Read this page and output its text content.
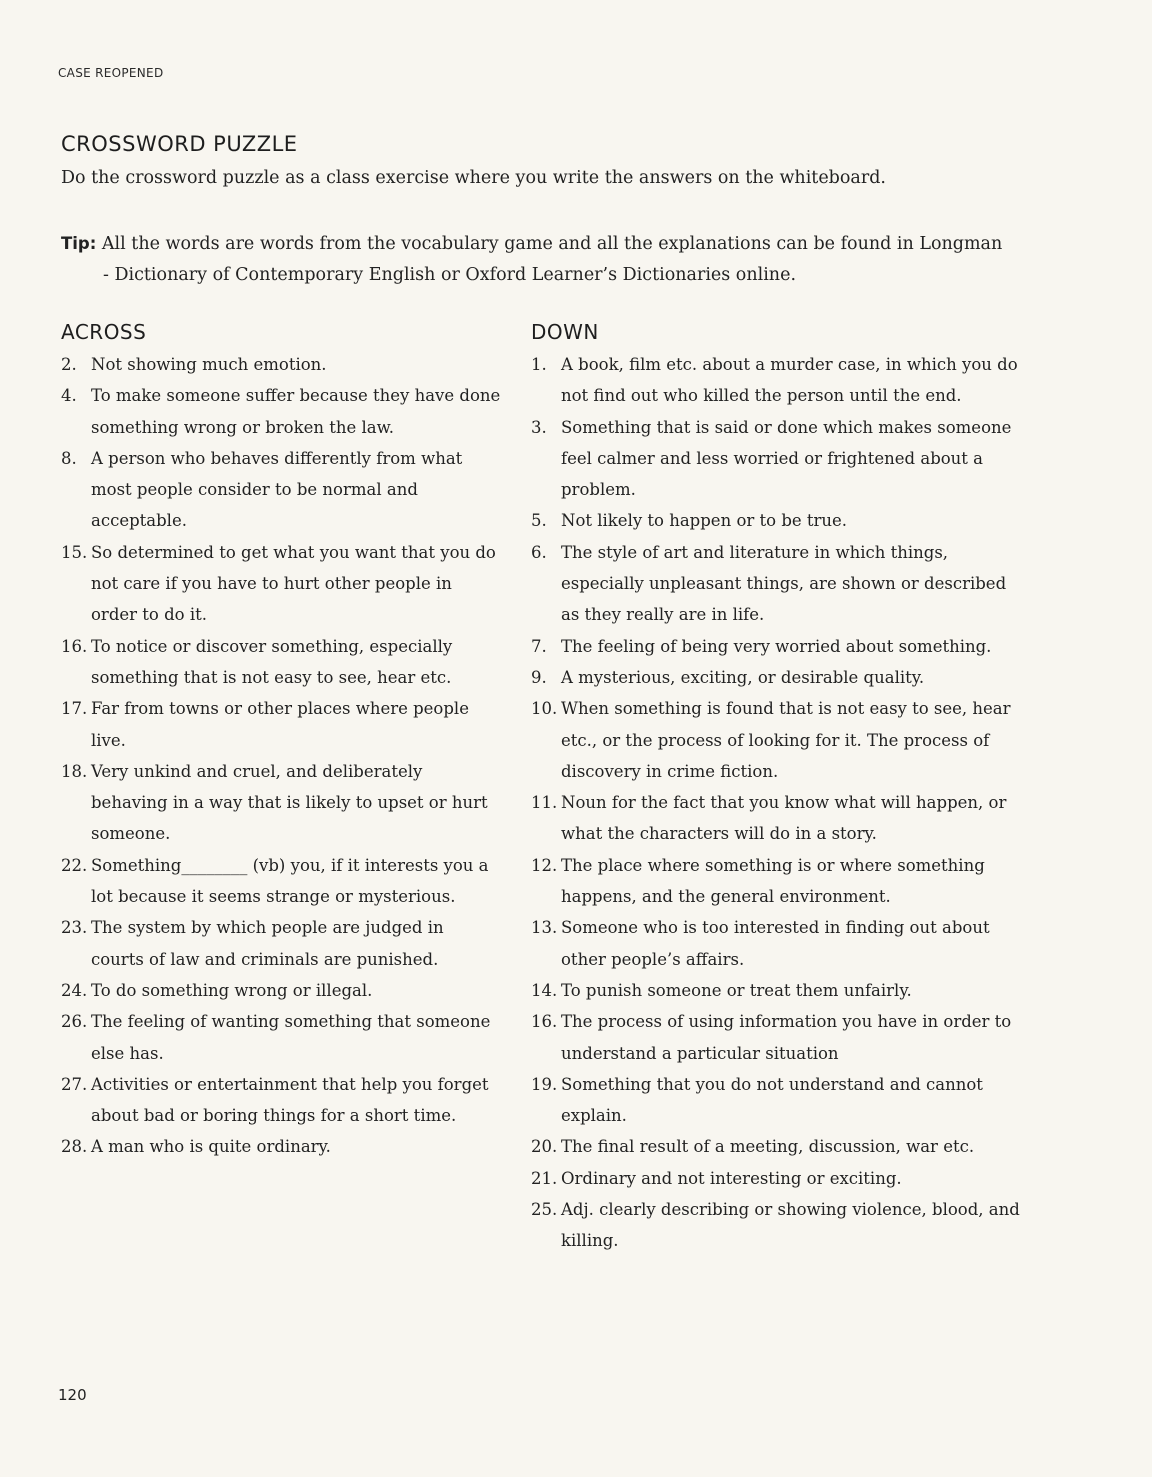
CASE REOPENED
CROSSWORD PUZZLE
Do the crossword puzzle as a class exercise where you write the answers on the whiteboard.
Tip: All the words are words from the vocabulary game and all the explanations can be found in Longman
- Dictionary of Contemporary English or Oxford Learner’s Dictionaries online.
ACROSS
2. Not showing much emotion.
4. To make someone suffer because they have done something wrong or broken the law.
8. A person who behaves differently from what most people consider to be normal and acceptable.
15. So determined to get what you want that you do not care if you have to hurt other people in order to do it.
16. To notice or discover something, especially something that is not easy to see, hear etc.
17. Far from towns or other places where people live.
18. Very unkind and cruel, and deliberately behaving in a way that is likely to upset or hurt someone.
22. Something________ (vb) you, if it interests you a lot because it seems strange or mysterious.
23. The system by which people are judged in courts of law and criminals are punished.
24. To do something wrong or illegal.
26. The feeling of wanting something that someone else has.
27. Activities or entertainment that help you forget about bad or boring things for a short time.
28. A man who is quite ordinary.
DOWN
1. A book, film etc. about a murder case, in which you do not find out who killed the person until the end.
3. Something that is said or done which makes someone feel calmer and less worried or frightened about a problem.
5. Not likely to happen or to be true.
6. The style of art and literature in which things, especially unpleasant things, are shown or described as they really are in life.
7. The feeling of being very worried about something.
9. A mysterious, exciting, or desirable quality.
10. When something is found that is not easy to see, hear etc., or the process of looking for it. The process of discovery in crime fiction.
11. Noun for the fact that you know what will happen, or what the characters will do in a story.
12. The place where something is or where something happens, and the general environment.
13. Someone who is too interested in finding out about other people’s affairs.
14. To punish someone or treat them unfairly.
16. The process of using information you have in order to understand a particular situation
19. Something that you do not understand and cannot explain.
20. The final result of a meeting, discussion, war etc.
21. Ordinary and not interesting or exciting.
25. Adj. clearly describing or showing violence, blood, and killing.
120
